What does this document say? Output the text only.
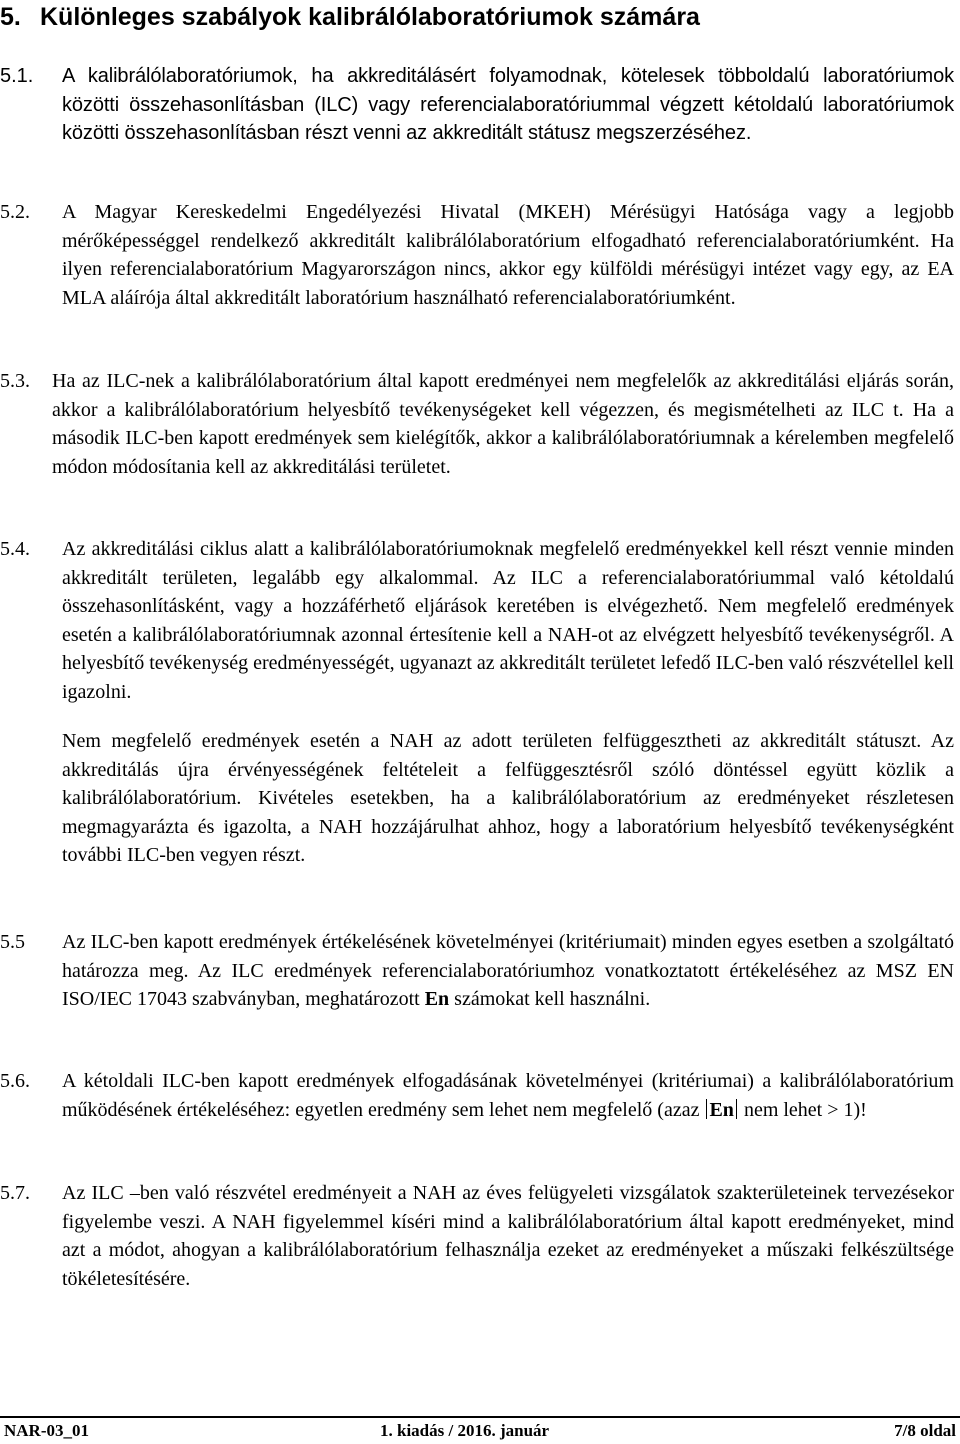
5. Különleges szabályok kalibrálólaboratóriumok számára
5.1. A kalibrálólaboratóriumok, ha akkreditálásért folyamodnak, kötelesek többoldalú laboratóriumok közötti összehasonlításban (ILC) vagy referencialaboratóriummal végzett kétoldalú laboratóriumok közötti összehasonlításban részt venni az akkreditált státusz megszerzéséhez.
5.2. A Magyar Kereskedelmi Engedélyezési Hivatal (MKEH) Mérésügyi Hatósága vagy a legjobb mérőképességgel rendelkező akkreditált kalibrálólaboratórium elfogadható referencialaboratóriumként. Ha ilyen referencialaboratórium Magyarországon nincs, akkor egy külföldi mérésügyi intézet vagy egy, az EA MLA aláírója által akkreditált laboratórium használható referencialaboratóriumként.
5.3. Ha az ILC-nek a kalibrálólaboratórium által kapott eredményei nem megfelelők az akkreditálási eljárás során, akkor a kalibrálólaboratórium helyesbítő tevékenységeket kell végezzen, és megismételheti az ILC t. Ha a második ILC-ben kapott eredmények sem kielégítők, akkor a kalibrálólaboratóriumnak a kérelemben megfelelő módon módosítania kell az akkreditálási területet.
5.4. Az akkreditálási ciklus alatt a kalibrálólaboratóriumoknak megfelelő eredményekkel kell részt vennie minden akkreditált területen, legalább egy alkalommal. Az ILC a referencialaboratóriummal való kétoldalú összehasonlításként, vagy a hozzáférhető eljárások keretében is elvégezhető. Nem megfelelő eredmények esetén a kalibrálólaboratóriumnak azonnal értesítenie kell a NAH-ot az elvégzett helyesbítő tevékenységről. A helyesbítő tevékenység eredményességét, ugyanazt az akkreditált területet lefedő ILC-ben való részvétellel kell igazolni.
Nem megfelelő eredmények esetén a NAH az adott területen felfüggesztheti az akkreditált státuszt. Az akkreditálás újra érvényességének feltételeit a felfüggesztésről szóló döntéssel együtt közlik a kalibrálólaboratórium. Kivételes esetekben, ha a kalibrálólaboratórium az eredményeket részletesen megmagyarázta és igazolta, a NAH hozzájárulhat ahhoz, hogy a laboratórium helyesbítő tevékenységként további ILC-ben vegyen részt.
5.5 Az ILC-ben kapott eredmények értékelésének követelményei (kritériumait) minden egyes esetben a szolgáltató határozza meg. Az ILC eredmények referencialaboratóriumhoz vonatkoztatott értékeléséhez az MSZ EN ISO/IEC 17043 szabványban, meghatározott En számokat kell használni.
5.6. A kétoldali ILC-ben kapott eredmények elfogadásának követelményei (kritériumai) a kalibrálólaboratórium működésének értékeléséhez: egyetlen eredmény sem lehet nem megfelelő (azaz En nem lehet > 1)!
5.7. Az ILC –ben való részvétel eredményeit a NAH az éves felügyeleti vizsgálatok szakterületeinek tervezésekor figyelembe veszi. A NAH figyelemmel kíséri mind a kalibrálólaboratórium által kapott eredményeket, mind azt a módot, ahogyan a kalibrálólaboratórium felhasználja ezeket az eredményeket a műszaki felkészültsége tökéletesítésére.
NAR-03_01	1. kiadás / 2016. január	7/8 oldal
